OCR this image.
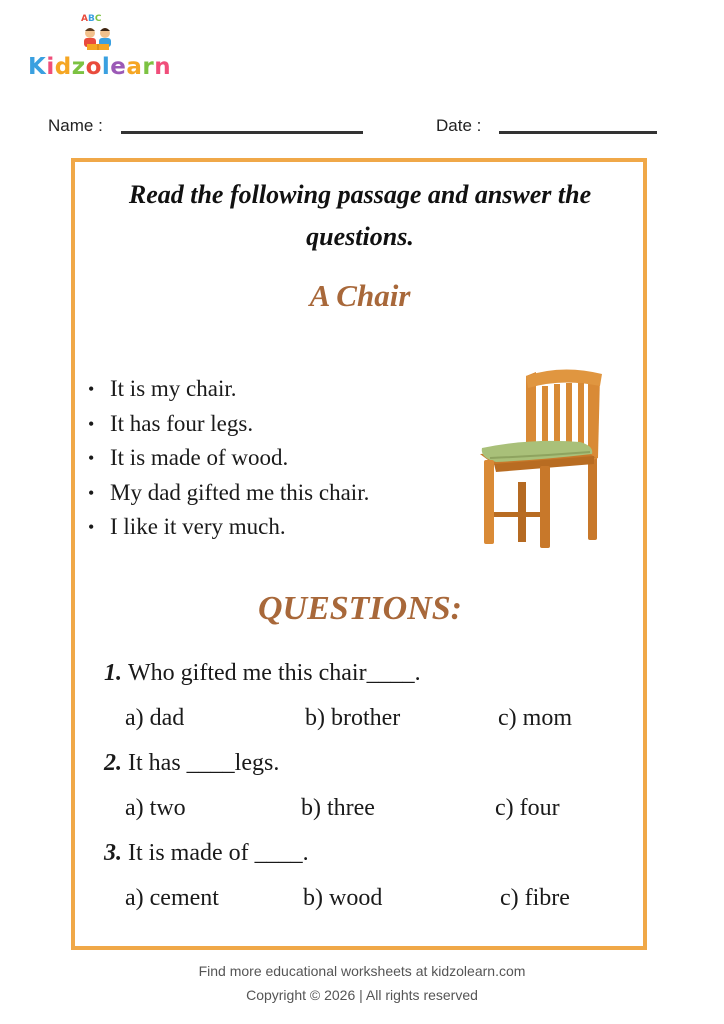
ABC
Kidzolearn
Name :	Date :
Read the following passage and answer the questions.
A Chair
• It is my chair.
• It has four legs.
• It is made of wood.
• My dad gifted me this chair.
• I like it very much.
QUESTIONS:
1. Who gifted me this chair____.
a) dad	b) brother	c) mom
2. It has ____legs.
a) two	b) three	c) four
3. It is made of ____.
a) cement	b) wood	c) fibre
Find more educational worksheets at kidzolearn.com
Copyright © 2026 | All rights reserved
